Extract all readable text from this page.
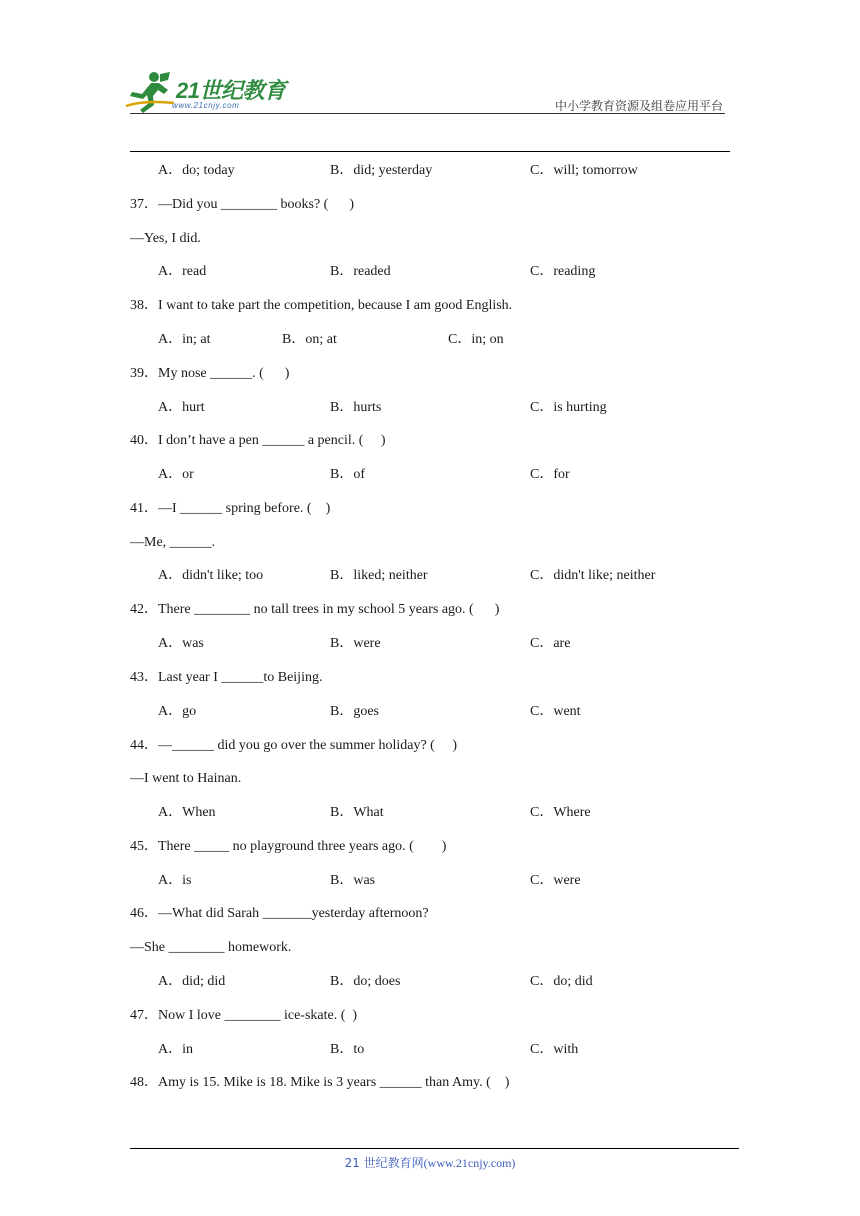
21世纪教育
www.21cnjy.com	中小学教育资源及组卷应用平台
A．do; today	B．did; yesterday	C．will; tomorrow
37．—Did you ________ books? (      )
—Yes, I did.
A．read	B．readed	C．reading
38．I want to take part the competition, because I am good English.
A．in; at	B．on; at	C．in; on
39．My nose ______. (      )
A．hurt	B．hurts	C．is hurting
40．I don’t have a pen ______ a pencil. (     )
A．or	B．of	C．for
41．—I ______ spring before. (    )
—Me, ______.
A．didn't like; too	B．liked; neither	C．didn't like; neither
42．There ________ no tall trees in my school 5 years ago. (      )
A．was	B．were	C．are
43．Last year I ______to Beijing.
A．go	B．goes	C．went
44．—______ did you go over the summer holiday? (     )
—I went to Hainan.
A．When	B．What	C．Where
45．There _____ no playground three years ago. (        )
A．is	B．was	C．were
46．—What did Sarah _______yesterday afternoon?
—She ________ homework.
A．did; did	B．do; does	C．do; did
47．Now I love ________ ice-skate. (  )
A．in	B．to	C．with
48．Amy is 15. Mike is 18. Mike is 3 years ______ than Amy. (    )
21 世纪教育网(www.21cnjy.com)
